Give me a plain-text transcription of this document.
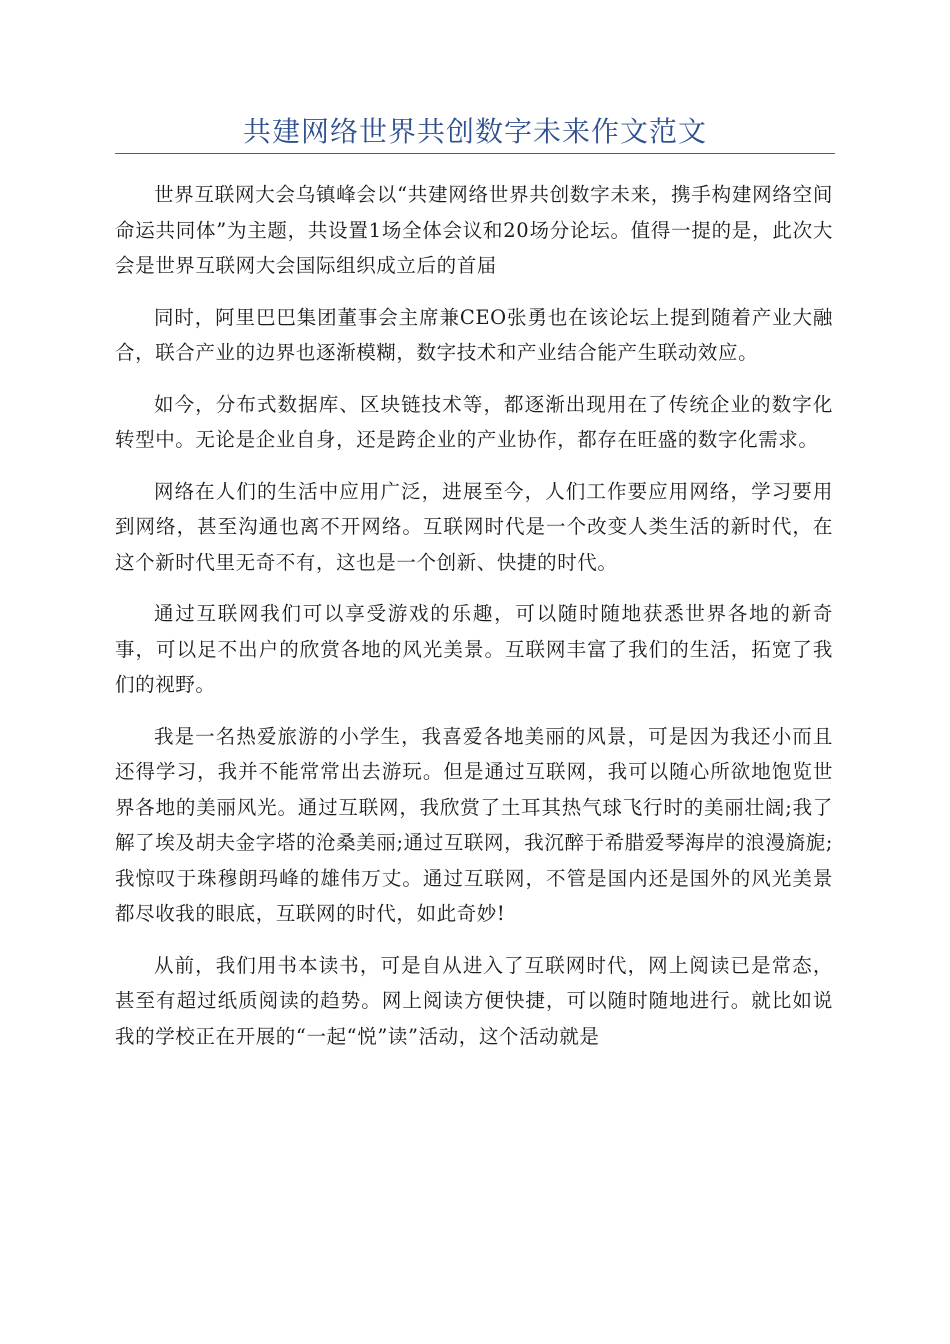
共建网络世界共创数字未来作文范文

世界互联网大会乌镇峰会以“共建网络世界共创数字未来，携手构建网络空间命运共同体”为主题，共设置1场全体会议和20场分论坛。值得一提的是，此次大会是世界互联网大会国际组织成立后的首届

同时，阿里巴巴集团董事会主席兼CEO张勇也在该论坛上提到随着产业大融合，联合产业的边界也逐渐模糊，数字技术和产业结合能产生联动效应。

如今，分布式数据库、区块链技术等，都逐渐出现用在了传统企业的数字化转型中。无论是企业自身，还是跨企业的产业协作，都存在旺盛的数字化需求。

网络在人们的生活中应用广泛，进展至今，人们工作要应用网络，学习要用到网络，甚至沟通也离不开网络。互联网时代是一个改变人类生活的新时代，在这个新时代里无奇不有，这也是一个创新、快捷的时代。

通过互联网我们可以享受游戏的乐趣，可以随时随地获悉世界各地的新奇事，可以足不出户的欣赏各地的风光美景。互联网丰富了我们的生活，拓宽了我们的视野。

我是一名热爱旅游的小学生，我喜爱各地美丽的风景，可是因为我还小而且还得学习，我并不能常常出去游玩。但是通过互联网，我可以随心所欲地饱览世界各地的美丽风光。通过互联网，我欣赏了土耳其热气球飞行时的美丽壮阔;我了解了埃及胡夫金字塔的沧桑美丽;通过互联网，我沉醉于希腊爱琴海岸的浪漫旖旎;我惊叹于珠穆朗玛峰的雄伟万丈。通过互联网，不管是国内还是国外的风光美景都尽收我的眼底，互联网的时代，如此奇妙!

从前，我们用书本读书，可是自从进入了互联网时代，网上阅读已是常态，甚至有超过纸质阅读的趋势。网上阅读方便快捷，可以随时随地进行。就比如说我的学校正在开展的“一起“悦”读”活动，这个活动就是
